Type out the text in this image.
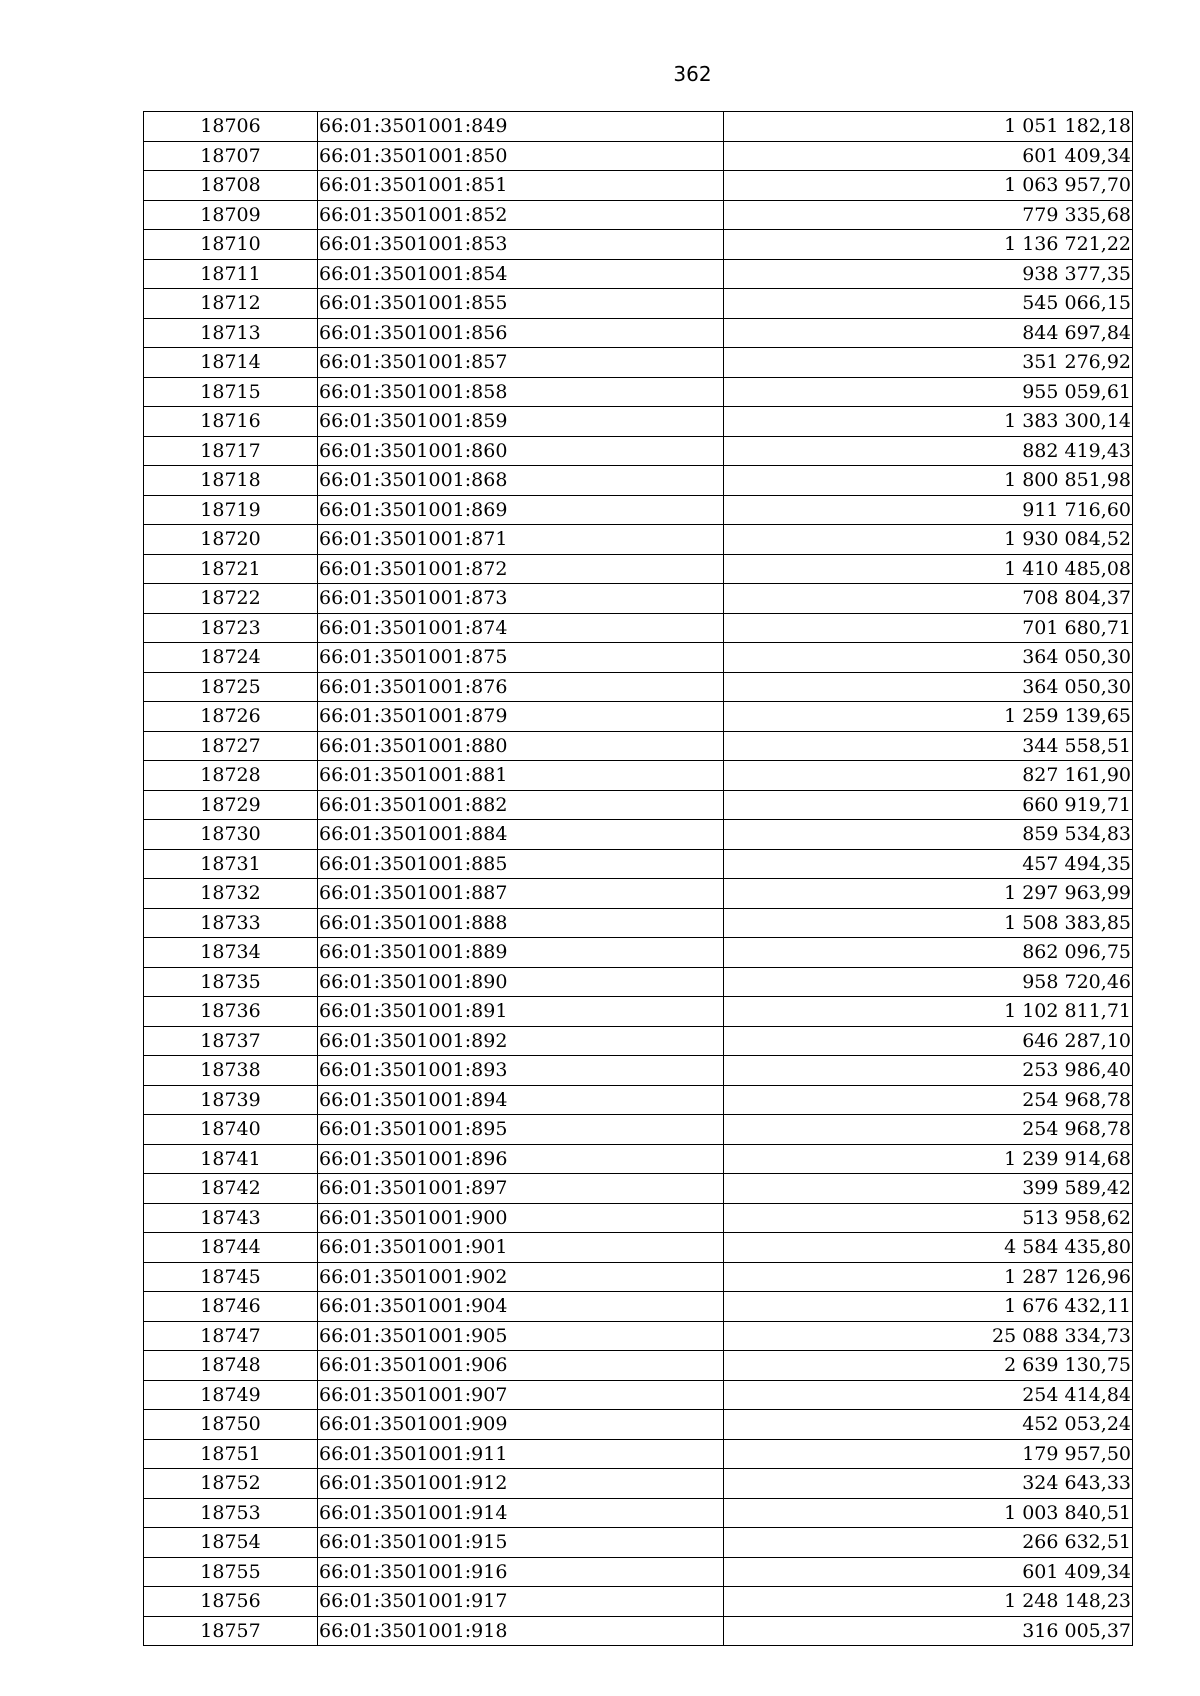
362
18706	66:01:3501001:849	1 051 182,18
18707	66:01:3501001:850	601 409,34
18708	66:01:3501001:851	1 063 957,70
18709	66:01:3501001:852	779 335,68
18710	66:01:3501001:853	1 136 721,22
18711	66:01:3501001:854	938 377,35
18712	66:01:3501001:855	545 066,15
18713	66:01:3501001:856	844 697,84
18714	66:01:3501001:857	351 276,92
18715	66:01:3501001:858	955 059,61
18716	66:01:3501001:859	1 383 300,14
18717	66:01:3501001:860	882 419,43
18718	66:01:3501001:868	1 800 851,98
18719	66:01:3501001:869	911 716,60
18720	66:01:3501001:871	1 930 084,52
18721	66:01:3501001:872	1 410 485,08
18722	66:01:3501001:873	708 804,37
18723	66:01:3501001:874	701 680,71
18724	66:01:3501001:875	364 050,30
18725	66:01:3501001:876	364 050,30
18726	66:01:3501001:879	1 259 139,65
18727	66:01:3501001:880	344 558,51
18728	66:01:3501001:881	827 161,90
18729	66:01:3501001:882	660 919,71
18730	66:01:3501001:884	859 534,83
18731	66:01:3501001:885	457 494,35
18732	66:01:3501001:887	1 297 963,99
18733	66:01:3501001:888	1 508 383,85
18734	66:01:3501001:889	862 096,75
18735	66:01:3501001:890	958 720,46
18736	66:01:3501001:891	1 102 811,71
18737	66:01:3501001:892	646 287,10
18738	66:01:3501001:893	253 986,40
18739	66:01:3501001:894	254 968,78
18740	66:01:3501001:895	254 968,78
18741	66:01:3501001:896	1 239 914,68
18742	66:01:3501001:897	399 589,42
18743	66:01:3501001:900	513 958,62
18744	66:01:3501001:901	4 584 435,80
18745	66:01:3501001:902	1 287 126,96
18746	66:01:3501001:904	1 676 432,11
18747	66:01:3501001:905	25 088 334,73
18748	66:01:3501001:906	2 639 130,75
18749	66:01:3501001:907	254 414,84
18750	66:01:3501001:909	452 053,24
18751	66:01:3501001:911	179 957,50
18752	66:01:3501001:912	324 643,33
18753	66:01:3501001:914	1 003 840,51
18754	66:01:3501001:915	266 632,51
18755	66:01:3501001:916	601 409,34
18756	66:01:3501001:917	1 248 148,23
18757	66:01:3501001:918	316 005,37
